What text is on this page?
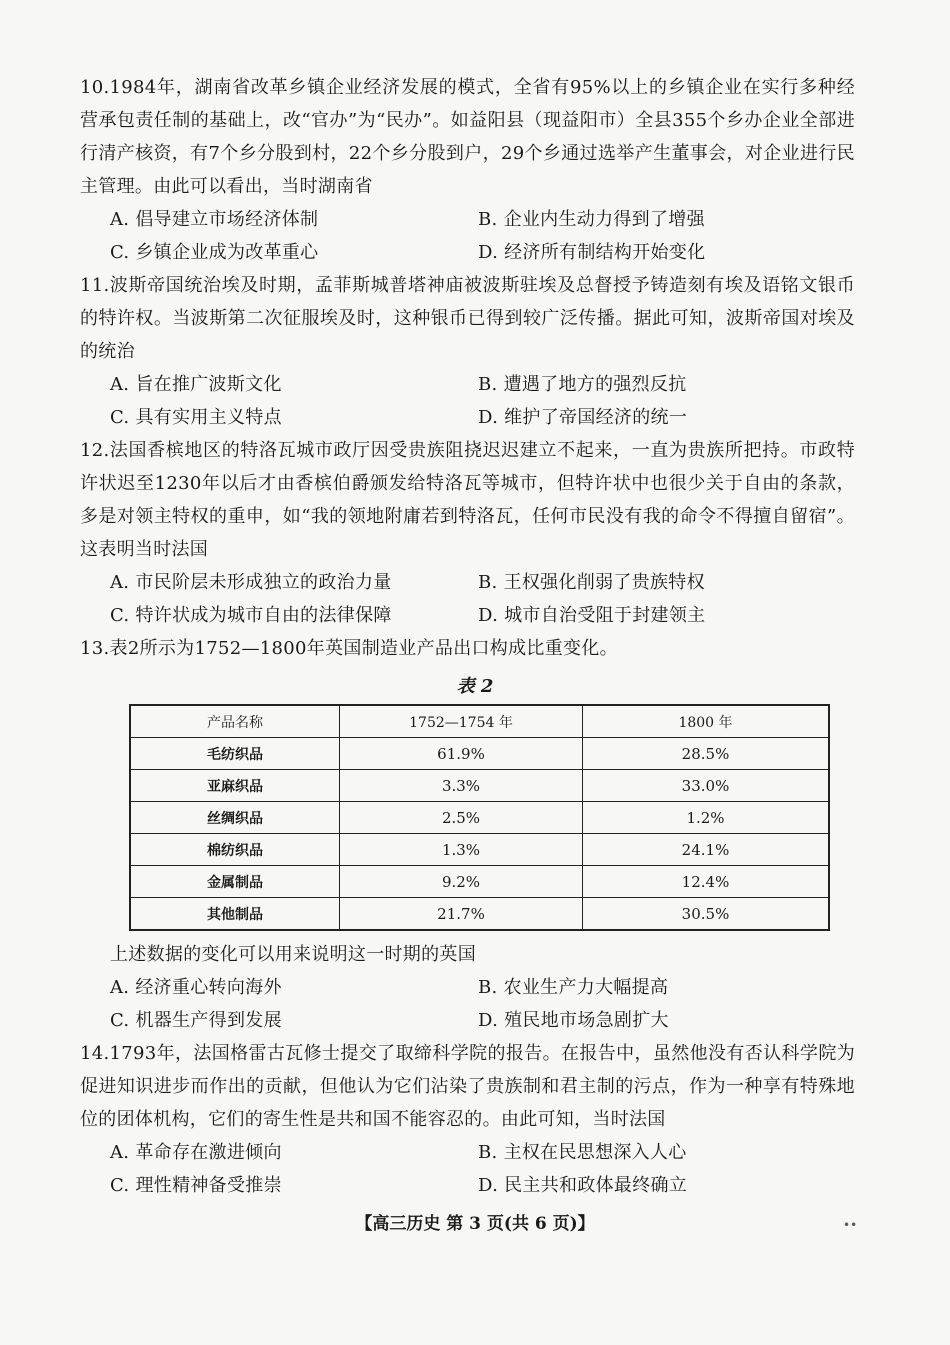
10.1984年，湖南省改革乡镇企业经济发展的模式，全省有95%以上的乡镇企业在实行多种经营承包责任制的基础上，改“官办”为“民办”。如益阳县（现益阳市）全县355个乡办企业全部进行清产核资，有7个乡分股到村，22个乡分股到户，29个乡通过选举产生董事会，对企业进行民主管理。由此可以看出，当时湖南省

A. 倡导建立市场经济体制	B. 企业内生动力得到了增强
C. 乡镇企业成为改革重心	D. 经济所有制结构开始变化

11.波斯帝国统治埃及时期，孟菲斯城普塔神庙被波斯驻埃及总督授予铸造刻有埃及语铭文银币的特许权。当波斯第二次征服埃及时，这种银币已得到较广泛传播。据此可知，波斯帝国对埃及的统治

A. 旨在推广波斯文化	B. 遭遇了地方的强烈反抗
C. 具有实用主义特点	D. 维护了帝国经济的统一

12.法国香槟地区的特洛瓦城市政厅因受贵族阻挠迟迟建立不起来，一直为贵族所把持。市政特许状迟至1230年以后才由香槟伯爵颁发给特洛瓦等城市，但特许状中也很少关于自由的条款，多是对领主特权的重申，如“我的领地附庸若到特洛瓦，任何市民没有我的命令不得擅自留宿”。这表明当时法国

A. 市民阶层未形成独立的政治力量	B. 王权强化削弱了贵族特权
C. 特许状成为城市自由的法律保障	D. 城市自治受阻于封建领主

13.表2所示为1752—1800年英国制造业产品出口构成比重变化。

表 2
产品名称	1752—1754 年	1800 年
毛纺织品	61.9%	28.5%
亚麻织品	3.3%	33.0%
丝绸织品	2.5%	1.2%
棉纺织品	1.3%	24.1%
金属制品	9.2%	12.4%
其他制品	21.7%	30.5%

上述数据的变化可以用来说明这一时期的英国

A. 经济重心转向海外	B. 农业生产力大幅提高
C. 机器生产得到发展	D. 殖民地市场急剧扩大

14.1793年，法国格雷古瓦修士提交了取缔科学院的报告。在报告中，虽然他没有否认科学院为促进知识进步而作出的贡献，但他认为它们沾染了贵族制和君主制的污点，作为一种享有特殊地位的团体机构，它们的寄生性是共和国不能容忍的。由此可知，当时法国

A. 革命存在激进倾向	B. 主权在民思想深入人心
C. 理性精神备受推崇	D. 民主共和政体最终确立
【高三历史 第 3 页(共 6 页)】	••
